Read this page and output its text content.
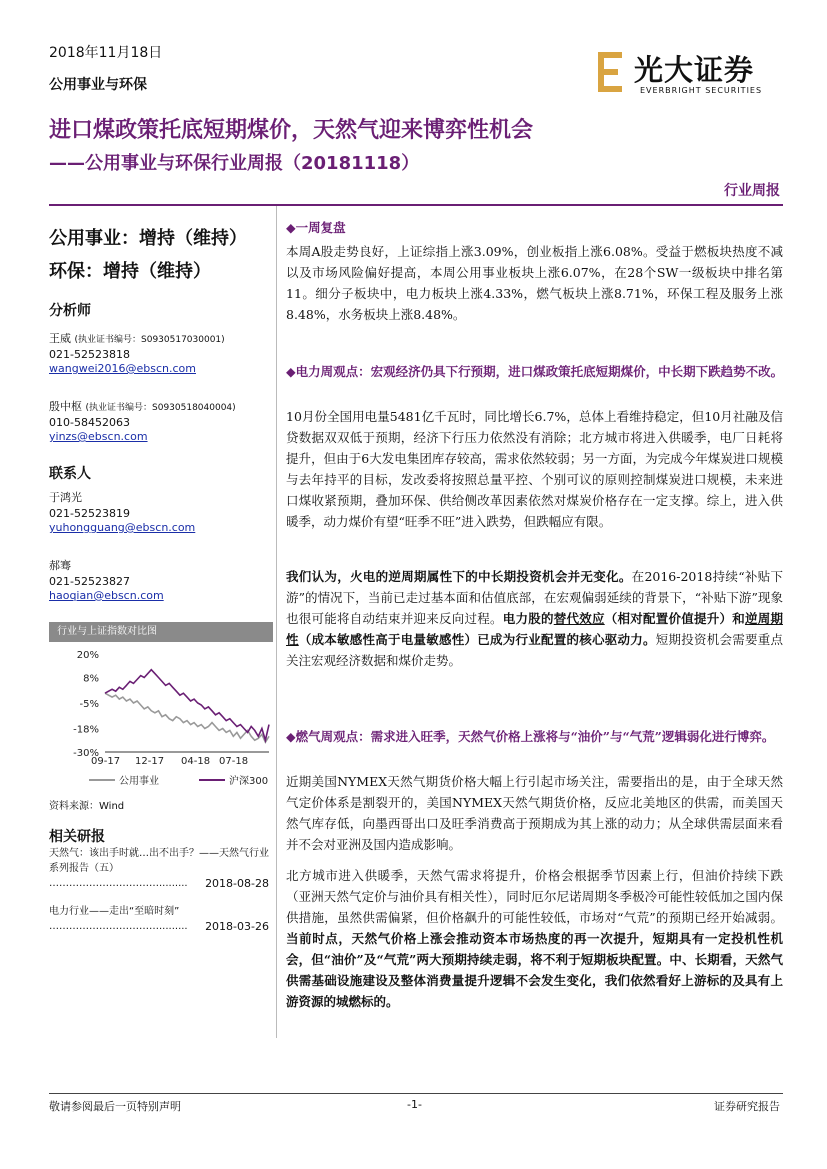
2018年11月18日
公用事业与环保	光大证券
EVERBRIGHT SECURITIES
进口煤政策托底短期煤价，天然气迎来博弈性机会
——公用事业与环保行业周报（20181118）
行业周报
公用事业：增持（维持）
环保：增持（维持）
分析师
王威 (执业证书编号：S0930517030001)
021-52523818
wangwei2016@ebscn.com
殷中枢 (执业证书编号：S0930518040004)
010-58452063
yinzs@ebscn.com
联系人
于鸿光
021-52523819
yuhongguang@ebscn.com
郝骞
021-52523827
haoqian@ebscn.com
行业与上证指数对比图
20%
8%
-5%
-18%
-30%
09-17 12-17 04-18 07-18
公用事业	沪深300
资料来源：Wind
相关研报
天然气：该出手时就…出不出手？——天然气行业系列报告（五）
……………………………......... 2018-08-28
电力行业——走出“至暗时刻”
……………………………......... 2018-03-26
◆一周复盘
本周A股走势良好，上证综指上涨3.09%，创业板指上涨6.08%。受益于燃板块热度不减以及市场风险偏好提高，本周公用事业板块上涨6.07%，在28个SW一级板块中排名第11。细分子板块中，电力板块上涨4.33%，燃气板块上涨8.71%，环保工程及服务上涨8.48%，水务板块上涨8.48%。
◆电力周观点：宏观经济仍具下行预期，进口煤政策托底短期煤价，中长期下跌趋势不改。
10月份全国用电量5481亿千瓦时，同比增长6.7%，总体上看维持稳定，但10月社融及信贷数据双双低于预期，经济下行压力依然没有消除；北方城市将进入供暖季，电厂日耗将提升，但由于6大发电集团库存较高，需求依然较弱；另一方面，为完成今年煤炭进口规模与去年持平的目标，发改委将按照总量平控、个别可议的原则控制煤炭进口规模，未来进口煤收紧预期，叠加环保、供给侧改革因素依然对煤炭价格存在一定支撑。综上，进入供暖季，动力煤价有望“旺季不旺”进入跌势，但跌幅应有限。
我们认为，火电的逆周期属性下的中长期投资机会并无变化。在2016-2018持续“补贴下游”的情况下，当前已走过基本面和估值底部，在宏观偏弱延续的背景下，“补贴下游”现象也很可能将自动结束并迎来反向过程。电力股的替代效应（相对配置价值提升）和逆周期性（成本敏感性高于电量敏感性）已成为行业配置的核心驱动力。短期投资机会需要重点关注宏观经济数据和煤价走势。
◆燃气周观点：需求进入旺季，天然气价格上涨将与“油价”与“气荒”逻辑弱化进行博弈。
近期美国NYMEX天然气期货价格大幅上行引起市场关注，需要指出的是，由于全球天然气定价体系是割裂开的，美国NYMEX天然气期货价格，反应北美地区的供需，而美国天然气库存低，向墨西哥出口及旺季消费高于预期成为其上涨的动力；从全球供需层面来看并不会对亚洲及国内造成影响。
北方城市进入供暖季，天然气需求将提升，价格会根据季节因素上行，但油价持续下跌（亚洲天然气定价与油价具有相关性），同时厄尔尼诺周期冬季极冷可能性较低加之国内保供措施，虽然供需偏紧，但价格飙升的可能性较低，市场对“气荒”的预期已经开始减弱。当前时点，天然气价格上涨会推动资本市场热度的再一次提升，短期具有一定投机性机会，但“油价”及“气荒”两大预期持续走弱，将不利于短期板块配置。中、长期看，天然气供需基础设施建设及整体消费量提升逻辑不会发生变化，我们依然看好上游标的及具有上游资源的城燃标的。
敬请参阅最后一页特别声明	-1-	证券研究报告
